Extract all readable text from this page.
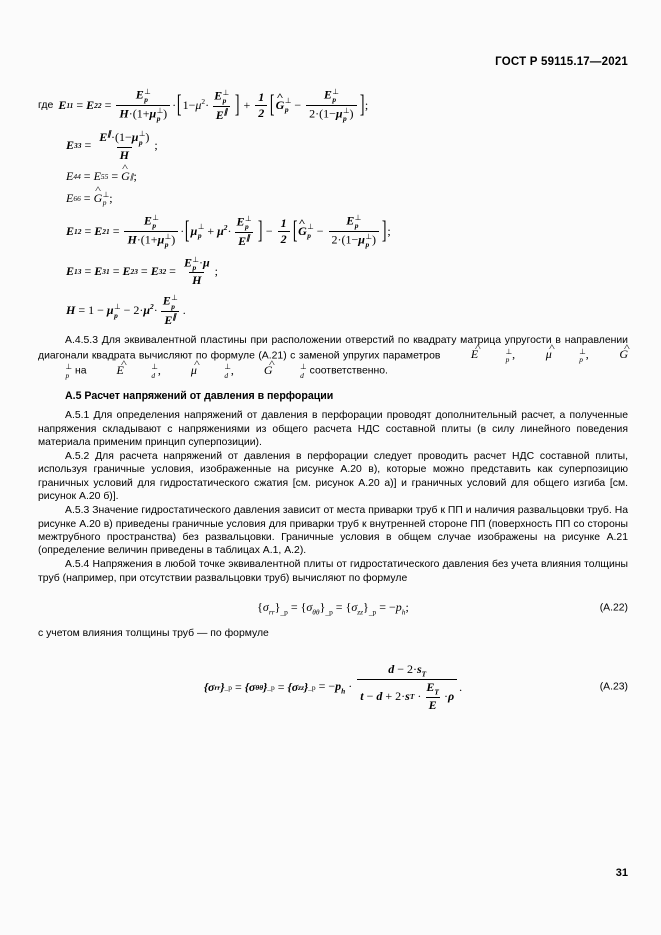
ГОСТ Р 59115.17—2021
где E 11 = E 22 = E ⊥
p
H·(1+μ ⊥
p ) · [ $1-\mu^2\cdot E$ ⊥
p
E∥ ] + $\frac{1}{2}$ [ G ^ ⊥
p − E ⊥
p
2·(1−μ ⊥
p ) ] ;
E 33 = E∥·(1−μ ⊥
p )
H ;
E 44 = E 55 = G ^ ∥ ;
E 66 = G ^ ⊥
p ;
E 12 = E 21 = E ⊥
p
H·(1+μ ⊥
p ) · [ μ ⊥
$p + \mu^2\cdot E$ ⊥
p
E∥ ] − $\frac{1}{2}$ [ G ^ ⊥
p − E ⊥
p
2·(1−μ ⊥
p ) ] ;
E 13 = E 31 = E 23 = E 32 = E ⊥
p ·μ
H ;
H = 1 − μ ⊥
$p - 2\cdot\mu^2\cdot E$ ⊥
p
E∥ .

А.4.5.3 Для эквивалентной пластины при расположении отверстий по квадрату матрица упругости в направлении диагонали квадрата вычисляют по формуле (А.21) с заменой упругих параметров	E ^	⊥
p , μ ^	⊥
p , G ^
⊥
p на E ^	⊥
d , μ ^	⊥
d , G ^	⊥
d соответственно.

А.5 Расчет напряжений от давления в перфорации

А.5.1 Для определения напряжений от давления в перфорации проводят дополнительный расчет, а полученные напряжения складывают с напряжениями из общего расчета НДС составной плиты (в силу линейного поведения материала применим принцип суперпозиции).

А.5.2 Для расчета напряжений от давления в перфорации следует проводить расчет НДС составной плиты, используя граничные условия, изображенные на рисунке А.20 в), которые можно представить как суперпозицию граничных условий для гидростатического сжатия [см. рисунок А.20 а)] и граничных условий для общего изгиба [см. рисунок А.20 б)].

А.5.3 Значение гидростатического давления зависит от места приварки труб к ПП и наличия развальцовки труб. На рисунке А.20 в) приведены граничные условия для приварки труб к внутренней стороне ПП (поверхность ПП со стороны межтрубного пространства) без развальцовки. Граничные условия в общем случае изображены на рисунке А.21 (определение величин приведены в таблицах А.1, А.2).

А.5.4 Напряжения в любой точке эквивалентной плиты от гидростатического давления без учета влияния толщины труб (например, при отсутствии развальцовки труб) вычисляют по формуле

$\{\sigma_{rr}\}_{\_p} = \{\sigma_{\theta\theta}\}_{\_p} = \{\sigma_{zz}\}_{\_p} = -p_h$;	(А.22)

с учетом влияния толщины труб — по формуле

{σ rr } _p = {σ θθ } _p = {σ zz } _p = $-p_h$ ·
$d - 2\cdot s_T$
t − d + 2· s $T \cdot \frac{E_T}{E} \cdot \rho$
.	(А.23)
31
